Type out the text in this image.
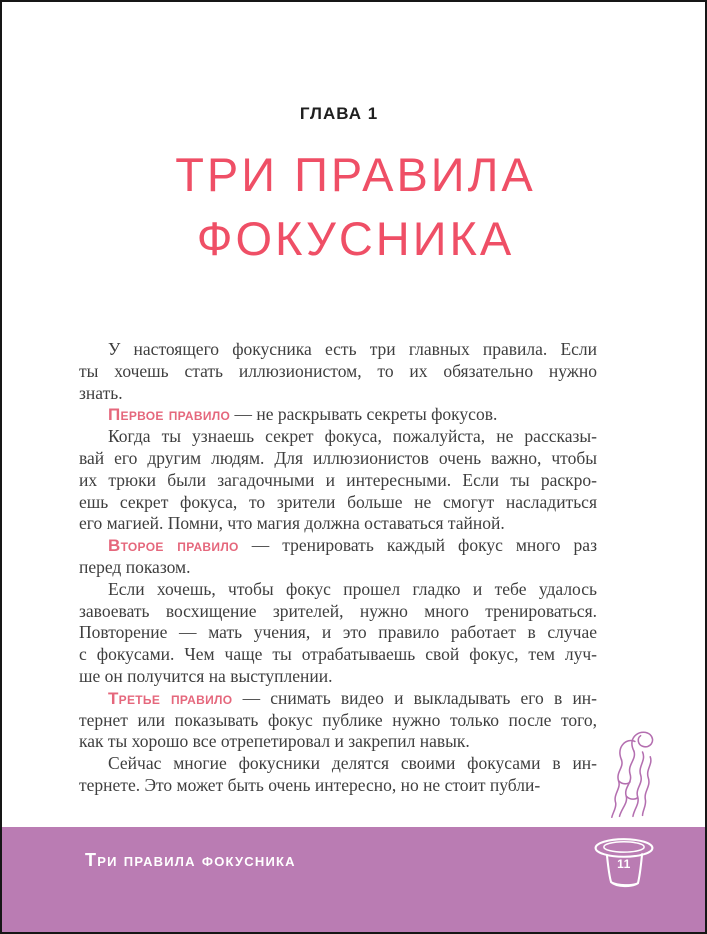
ГЛАВА 1
ТРИ ПРАВИЛА
ФОКУСНИКА
У настоящего фокусника есть три главных правила. Если
ты хочешь стать иллюзионистом, то их обязательно нужно
знать.
Первое правило — не раскрывать секреты фокусов.
Когда ты узнаешь секрет фокуса, пожалуйста, не рассказы-
вай его другим людям. Для иллюзионистов очень важно, чтобы
их трюки были загадочными и интересными. Если ты раскро-
ешь секрет фокуса, то зрители больше не смогут насладиться
его магией. Помни, что магия должна оставаться тайной.
Второе правило — тренировать каждый фокус много раз
перед показом.
Если хочешь, чтобы фокус прошел гладко и тебе удалось
завоевать восхищение зрителей, нужно много тренироваться.
Повторение — мать учения, и это правило работает в случае
с фокусами. Чем чаще ты отрабатываешь свой фокус, тем луч-
ше он получится на выступлении.
Третье правило — снимать видео и выкладывать его в ин-
тернет или показывать фокус публике нужно только после того,
как ты хорошо все отрепетировал и закрепил навык.
Сейчас многие фокусники делятся своими фокусами в ин-
тернете. Это может быть очень интересно, но не стоит публи-
Три правила фокусника	11
